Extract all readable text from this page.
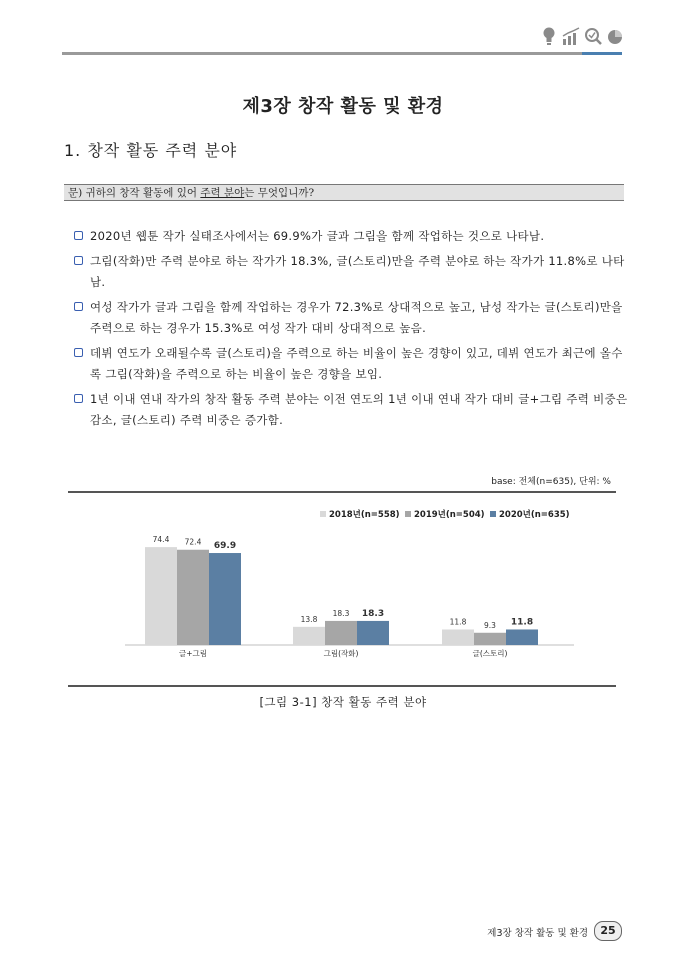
제3장 창작 활동 및 환경
1. 창작 활동 주력 분야
문) 귀하의 창작 활동에 있어 주력 분야는 무엇입니까?
2020년 웹툰 작가 실태조사에서는 69.9%가 글과 그림을 함께 작업하는 것으로 나타남.
그림(작화)만 주력 분야로 하는 작가가 18.3%, 글(스토리)만을 주력 분야로 하는 작가가 11.8%로 나타남.
여성 작가가 글과 그림을 함께 작업하는 경우가 72.3%로 상대적으로 높고, 남성 작가는 글(스토리)만을 주력으로 하는 경우가 15.3%로 여성 작가 대비 상대적으로 높음.
데뷔 연도가 오래될수록 글(스토리)을 주력으로 하는 비율이 높은 경향이 있고, 데뷔 연도가 최근에 올수록 그림(작화)을 주력으로 하는 비율이 높은 경향을 보임.
1년 이내 연내 작가의 창작 활동 주력 분야는 이전 연도의 1년 이내 연내 작가 대비 글+그림 주력 비중은 감소, 글(스토리) 주력 비중은 증가함.
base: 전체(n=635), 단위: %
2018년(n=558) 2019년(n=504) 2020년(n=635)
74.4 72.4 69.9
글+그림
13.8
18.3 18.3
그림(작화)
11.8 9.3 11.8
글(스토리)
[그림 3-1] 창작 활동 주력 분야
제3장 창작 활동 및 환경	25
